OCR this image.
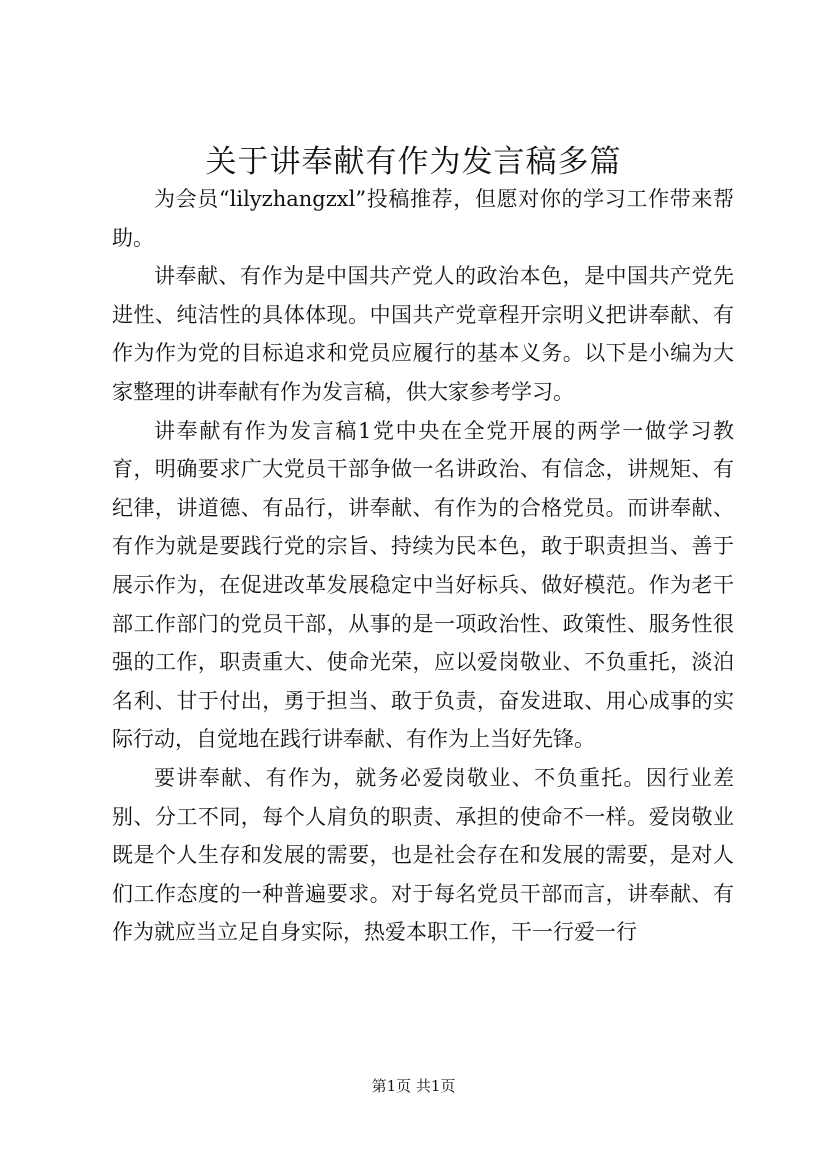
关于讲奉献有作为发言稿多篇

为会员“lilyzhangzxl”投稿推荐，但愿对你的学习工作带来帮助。

讲奉献、有作为是中国共产党人的政治本色，是中国共产党先进性、纯洁性的具体体现。中国共产党章程开宗明义把讲奉献、有作为作为党的目标追求和党员应履行的基本义务。以下是小编为大家整理的讲奉献有作为发言稿，供大家参考学习。

讲奉献有作为发言稿1党中央在全党开展的两学一做学习教育，明确要求广大党员干部争做一名讲政治、有信念，讲规矩、有纪律，讲道德、有品行，讲奉献、有作为的合格党员。而讲奉献、有作为就是要践行党的宗旨、持续为民本色，敢于职责担当、善于展示作为，在促进改革发展稳定中当好标兵、做好模范。作为老干部工作部门的党员干部，从事的是一项政治性、政策性、服务性很强的工作，职责重大、使命光荣，应以爱岗敬业、不负重托，淡泊名利、甘于付出，勇于担当、敢于负责，奋发进取、用心成事的实际行动，自觉地在践行讲奉献、有作为上当好先锋。

要讲奉献、有作为，就务必爱岗敬业、不负重托。因行业差别、分工不同，每个人肩负的职责、承担的使命不一样。爱岗敬业既是个人生存和发展的需要，也是社会存在和发展的需要，是对人们工作态度的一种普遍要求。对于每名党员干部而言，讲奉献、有作为就应当立足自身实际，热爱本职工作，干一行爱一行

第1页 共1页
